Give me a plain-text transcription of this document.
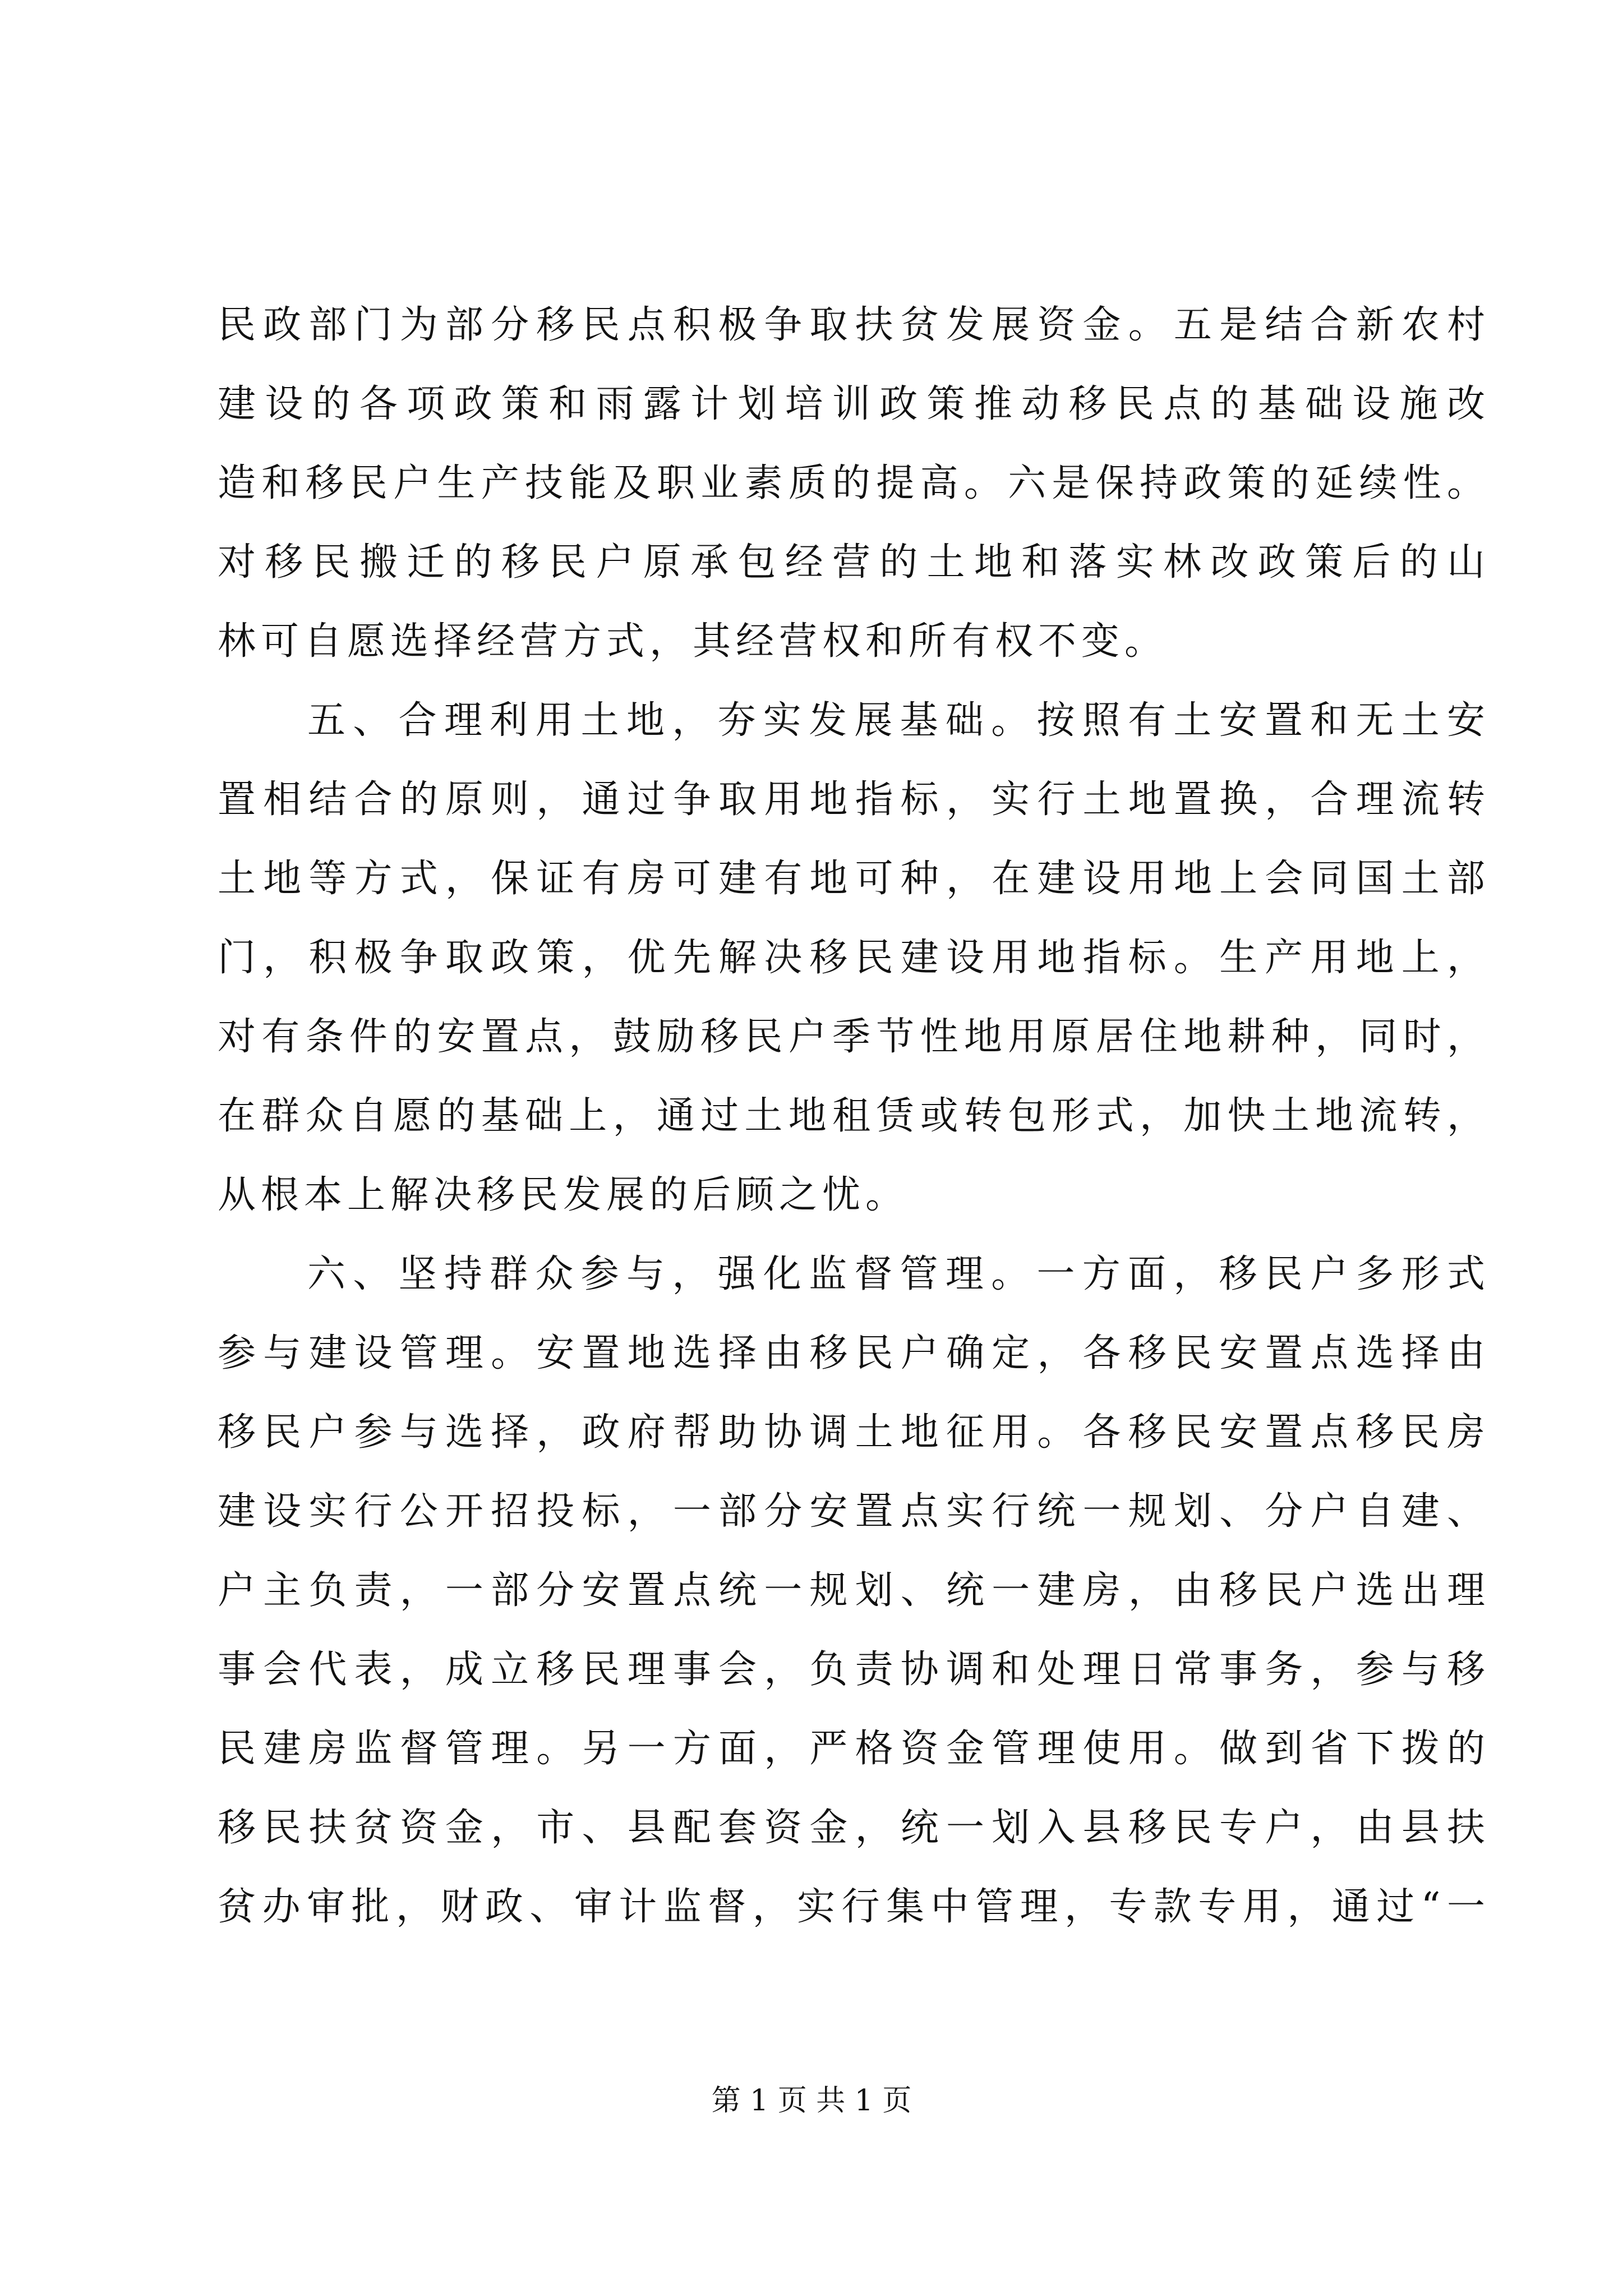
民政部门为部分移民点积极争取扶贫发展资金。五是结合新农村
建设的各项政策和雨露计划培训政策推动移民点的基础设施改
造和移民户生产技能及职业素质的提高。六是保持政策的延续性。
对移民搬迁的移民户原承包经营的土地和落实林改政策后的山
林可自愿选择经营方式，其经营权和所有权不变。
五、合理利用土地，夯实发展基础。按照有土安置和无土安
置相结合的原则，通过争取用地指标，实行土地置换，合理流转
土地等方式，保证有房可建有地可种，在建设用地上会同国土部
门，积极争取政策，优先解决移民建设用地指标。生产用地上，
对有条件的安置点，鼓励移民户季节性地用原居住地耕种，同时，
在群众自愿的基础上，通过土地租赁或转包形式，加快土地流转，
从根本上解决移民发展的后顾之忧。
六、坚持群众参与，强化监督管理。一方面，移民户多形式
参与建设管理。安置地选择由移民户确定，各移民安置点选择由
移民户参与选择，政府帮助协调土地征用。各移民安置点移民房
建设实行公开招投标，一部分安置点实行统一规划、分户自建、
户主负责，一部分安置点统一规划、统一建房，由移民户选出理
事会代表，成立移民理事会，负责协调和处理日常事务，参与移
民建房监督管理。另一方面，严格资金管理使用。做到省下拨的
移民扶贫资金，市、县配套资金，统一划入县移民专户，由县扶
贫办审批，财政、审计监督，实行集中管理，专款专用，通过“一
第 1 页 共 1 页
